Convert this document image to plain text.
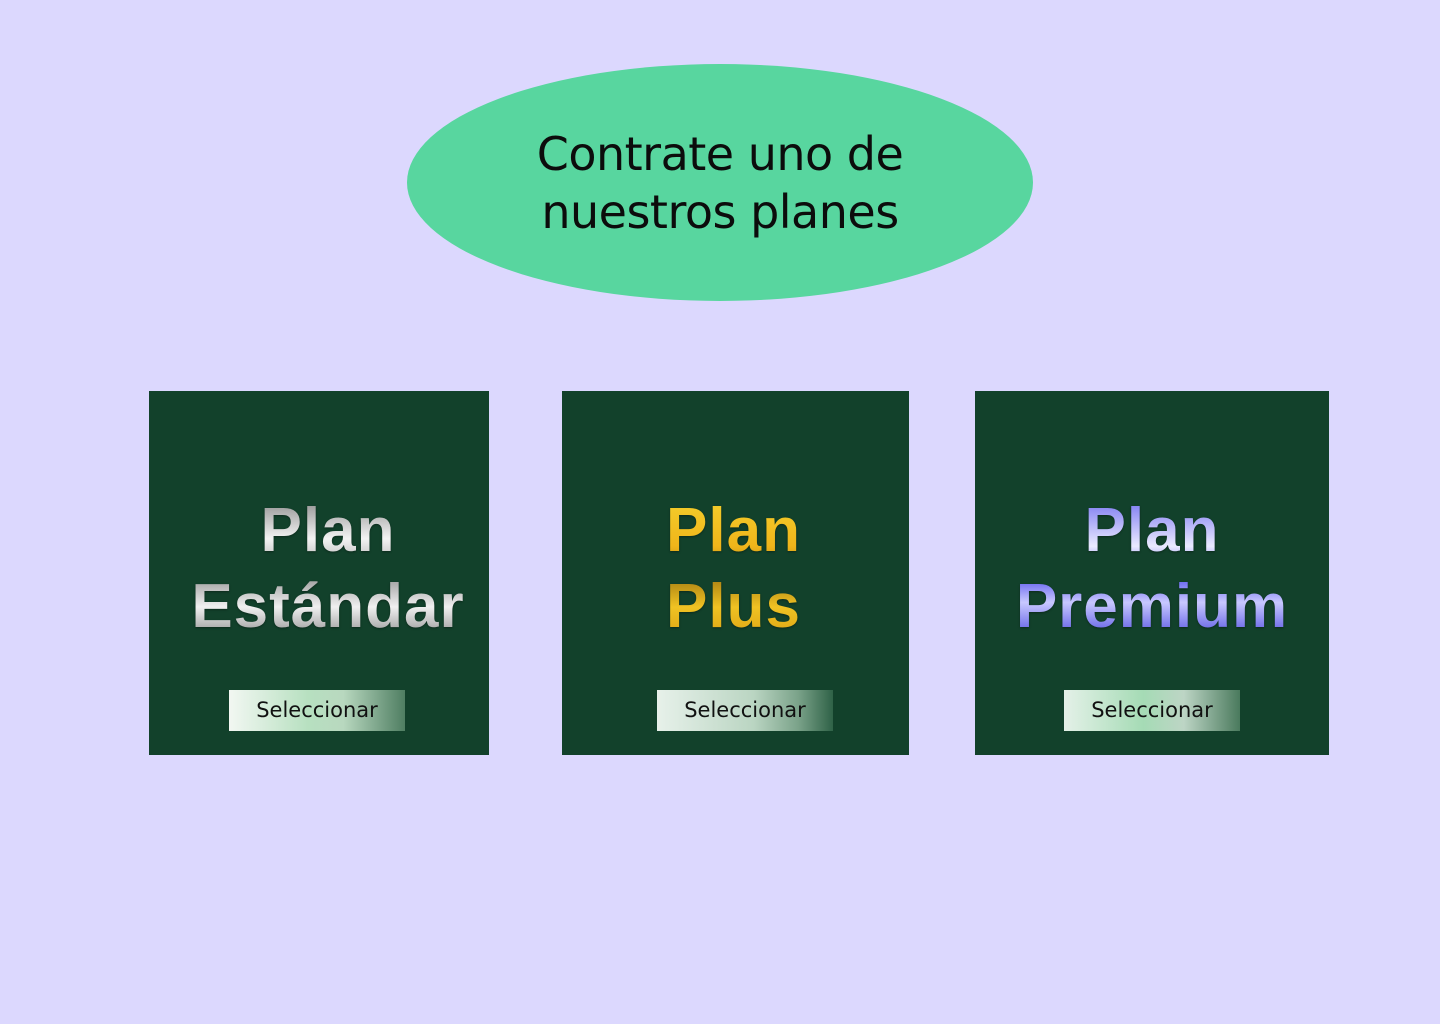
Contrate uno de nuestros planes
Plan
Estándar
Seleccionar
Plan
Plus
Seleccionar
Plan
Premium
Seleccionar
